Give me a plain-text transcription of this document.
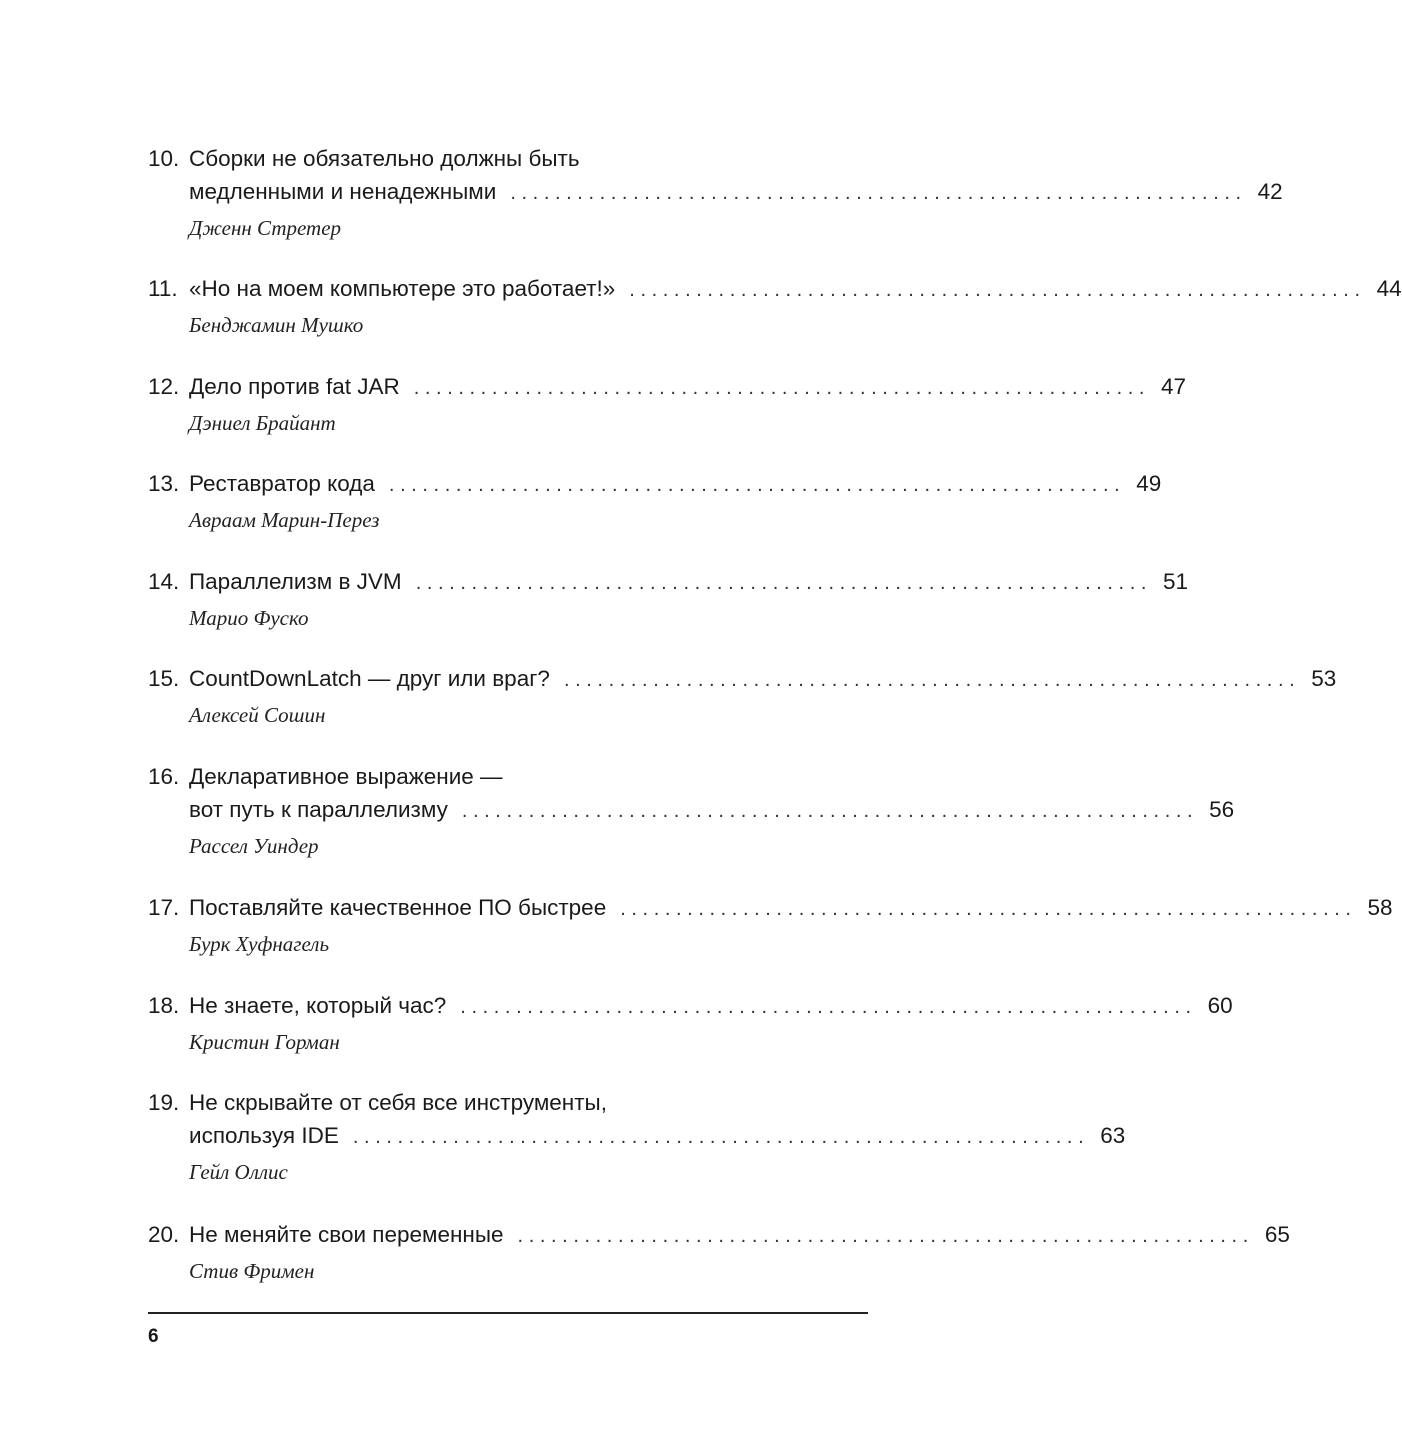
10. Сборки не обязательно должны быть
медленными и ненадежными .................................................................. 42
Дженн Стретер
11. «Но на моем компьютере это работает!» .................................................................. 44
Бенджамин Мушко
12. Дело против fat JAR .................................................................. 47
Дэниел Брайант
13. Реставратор кода .................................................................. 49
Авраам Марин-Перез
14. Параллелизм в JVM .................................................................. 51
Марио Фуско
15. CountDownLatch — друг или враг? .................................................................. 53
Алексей Сошин
16. Декларативное выражение —
вот путь к параллелизму .................................................................. 56
Рассел Уиндер
17. Поставляйте качественное ПО быстрее .................................................................. 58
Бурк Хуфнагель
18. Не знаете, который час? .................................................................. 60
Кристин Горман
19. Не скрывайте от себя все инструменты,
используя IDE .................................................................. 63
Гейл Оллис
20. Не меняйте свои переменные .................................................................. 65
Стив Фримен
6
